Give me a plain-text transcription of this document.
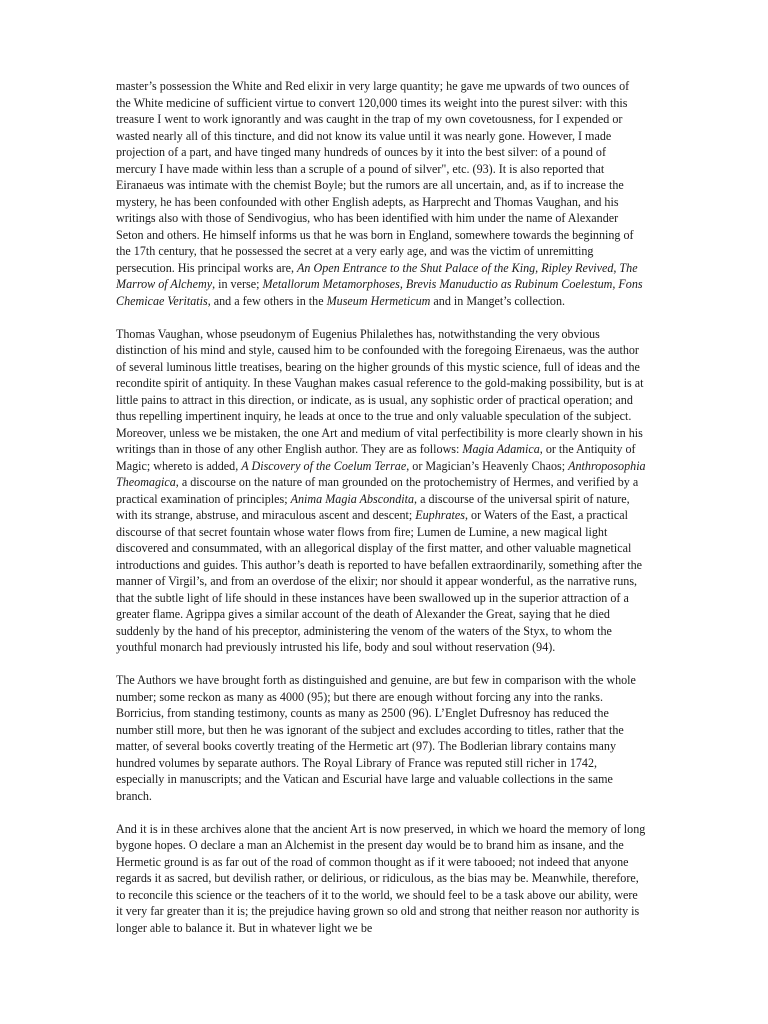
master’s possession the White and Red elixir in very large quantity; he gave me upwards of two ounces of the White medicine of sufficient virtue to convert 120,000 times its weight into the purest silver: with this treasure I went to work ignorantly and was caught in the trap of my own covetousness, for I expended or wasted nearly all of this tincture, and did not know its value until it was nearly gone. However, I made projection of a part, and have tinged many hundreds of ounces by it into the best silver: of a pound of mercury I have made within less than a scruple of a pound of silver", etc. (93). It is also reported that Eiranaeus was intimate with the chemist Boyle; but the rumors are all uncertain, and, as if to increase the mystery, he has been confounded with other English adepts, as Harprecht and Thomas Vaughan, and his writings also with those of Sendivogius, who has been identified with him under the name of Alexander Seton and others. He himself informs us that he was born in England, somewhere towards the beginning of the 17th century, that he possessed the secret at a very early age, and was the victim of unremitting persecution. His principal works are, An Open Entrance to the Shut Palace of the King, Ripley Revived, The Marrow of Alchemy, in verse; Metallorum Metamorphoses, Brevis Manuductio as Rubinum Coelestum, Fons Chemicae Veritatis, and a few others in the Museum Hermeticum and in Manget’s collection.

Thomas Vaughan, whose pseudonym of Eugenius Philalethes has, notwithstanding the very obvious distinction of his mind and style, caused him to be confounded with the foregoing Eirenaeus, was the author of several luminous little treatises, bearing on the higher grounds of this mystic science, full of ideas and the recondite spirit of antiquity. In these Vaughan makes casual reference to the gold-making possibility, but is at little pains to attract in this direction, or indicate, as is usual, any sophistic order of practical operation; and thus repelling impertinent inquiry, he leads at once to the true and only valuable speculation of the subject. Moreover, unless we be mistaken, the one Art and medium of vital perfectibility is more clearly shown in his writings than in those of any other English author. They are as follows: Magia Adamica, or the Antiquity of Magic; whereto is added, A Discovery of the Coelum Terrae, or Magician’s Heavenly Chaos; Anthroposophia Theomagica, a discourse on the nature of man grounded on the protochemistry of Hermes, and verified by a practical examination of principles; Anima Magia Abscondita, a discourse of the universal spirit of nature, with its strange, abstruse, and miraculous ascent and descent; Euphrates, or Waters of the East, a practical discourse of that secret fountain whose water flows from fire; Lumen de Lumine, a new magical light discovered and consummated, with an allegorical display of the first matter, and other valuable magnetical introductions and guides. This author’s death is reported to have befallen extraordinarily, something after the manner of Virgil’s, and from an overdose of the elixir; nor should it appear wonderful, as the narrative runs, that the subtle light of life should in these instances have been swallowed up in the superior attraction of a greater flame. Agrippa gives a similar account of the death of Alexander the Great, saying that he died suddenly by the hand of his preceptor, administering the venom of the waters of the Styx, to whom the youthful monarch had previously intrusted his life, body and soul without reservation (94).

The Authors we have brought forth as distinguished and genuine, are but few in comparison with the whole number; some reckon as many as 4000 (95); but there are enough without forcing any into the ranks. Borricius, from standing testimony, counts as many as 2500 (96). L’Englet Dufresnoy has reduced the number still more, but then he was ignorant of the subject and excludes according to titles, rather that the matter, of several books covertly treating of the Hermetic art (97). The Bodlerian library contains many hundred volumes by separate authors. The Royal Library of France was reputed still richer in 1742, especially in manuscripts; and the Vatican and Escurial have large and valuable collections in the same branch.

And it is in these archives alone that the ancient Art is now preserved, in which we hoard the memory of long bygone hopes. O declare a man an Alchemist in the present day would be to brand him as insane, and the Hermetic ground is as far out of the road of common thought as if it were tabooed; not indeed that anyone regards it as sacred, but devilish rather, or delirious, or ridiculous, as the bias may be. Meanwhile, therefore, to reconcile this science or the teachers of it to the world, we should feel to be a task above our ability, were it very far greater than it is; the prejudice having grown so old and strong that neither reason nor authority is longer able to balance it. But in whatever light we be
